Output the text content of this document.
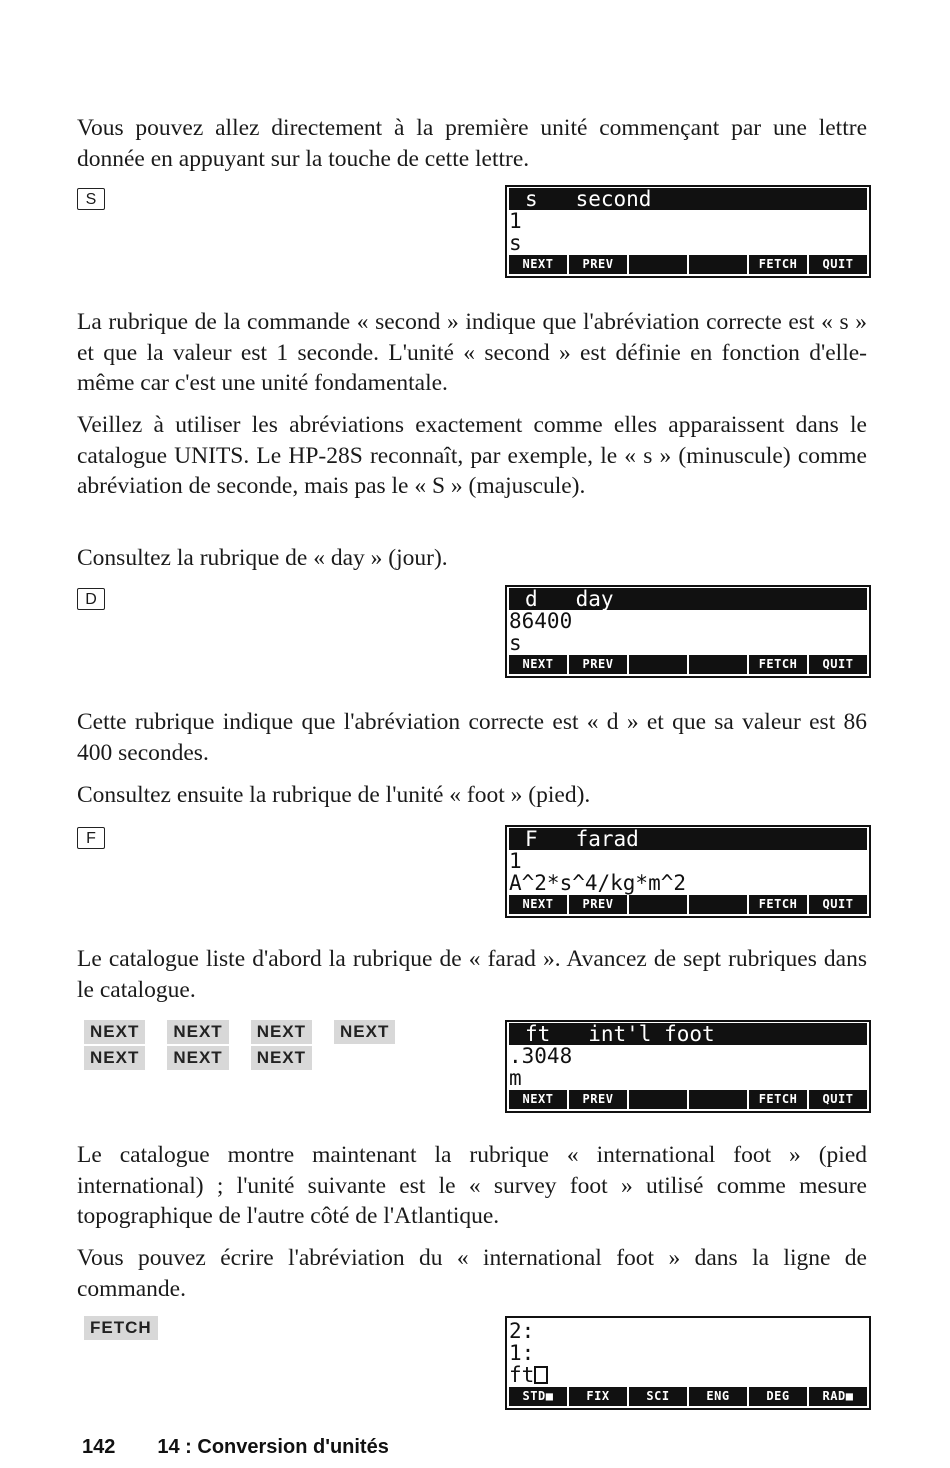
Vous pouvez allez directement à la première unité commençant par une lettre donnée en appuyant sur la touche de cette lettre.

S	s   second
1
s
NEXT	PREV	FETCH	QUIT

La rubrique de la commande « second » indique que l'abréviation correcte est « s » et que la valeur est 1 seconde. L'unité « second » est définie en fonction d'elle-même car c'est une unité fondamentale.

Veillez à utiliser les abréviations exactement comme elles apparaissent dans le catalogue UNITS. Le HP-28S reconnaît, par exemple, le « s » (minuscule) comme abréviation de seconde, mais pas le « S » (majuscule).

Consultez la rubrique de « day » (jour).

D	d   day
86400
s
NEXT	PREV	FETCH	QUIT

Cette rubrique indique que l'abréviation correcte est « d » et que sa valeur est 86 400 secondes.

Consultez ensuite la rubrique de l'unité « foot » (pied).

F	F   farad
1
A^2*s^4/kg*m^2
NEXT	PREV	FETCH	QUIT

Le catalogue liste d'abord la rubrique de « farad ». Avancez de sept rubriques dans le catalogue.

NEXT	NEXT	NEXT	NEXT
NEXT	NEXT	NEXT
ft   int'l foot
.3048
m
NEXT	PREV	FETCH	QUIT

Le catalogue montre maintenant la rubrique « international foot » (pied international) ; l'unité suivante est le « survey foot » utilisé comme mesure topographique de l'autre côté de l'Atlantique.

Vous pouvez écrire l'abréviation du « international foot » dans la ligne de commande.

FETCH	2:
1:
ft
STD■	FIX	SCI	ENG	DEG	RAD■
142 14 : Conversion d'unités
